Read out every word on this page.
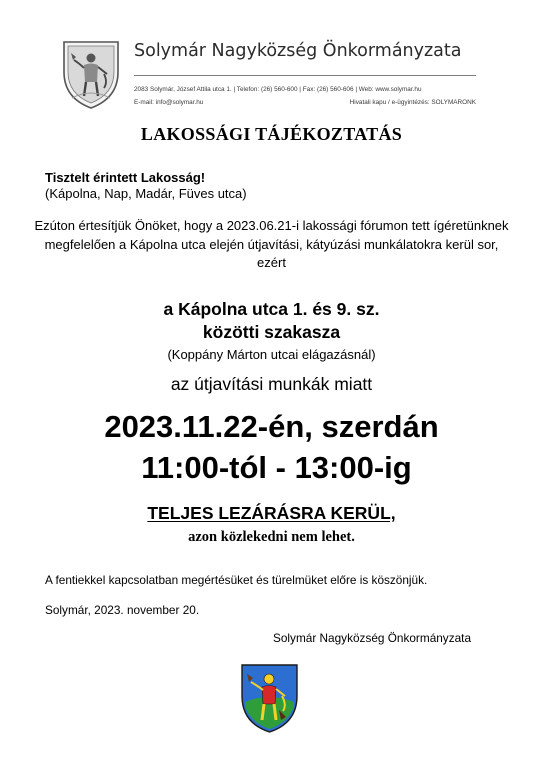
Solymár Nagyközség Önkormányzata
2083 Solymár, József Attila utca 1. | Telefon: (26) 560-600 | Fax: (26) 560-606 | Web: www.solymar.hu
E-mail: info@solymar.hu	Hivatali kapu / e-ügyintézés: SOLYMARONK
LAKOSSÁGI TÁJÉKOZTATÁS
Tisztelt érintett Lakosság!
(Kápolna, Nap, Madár, Füves utca)
Ezúton értesítjük Önöket, hogy a 2023.06.21-i lakossági fórumon tett ígéretünknek megfelelően a Kápolna utca elején útjavítási, kátyúzási munkálatokra kerül sor, ezért
a Kápolna utca 1. és 9. sz.
közötti szakasza
(Koppány Márton utcai elágazásnál)
az útjavítási munkák miatt
2023.11.22-én, szerdán
11:00-tól - 13:00-ig
TELJES LEZÁRÁSRA KERÜL,
azon közlekedni nem lehet.
A fentiekkel kapcsolatban megértésüket és türelmüket előre is köszönjük.
Solymár, 2023. november 20.
Solymár Nagyközség Önkormányzata
